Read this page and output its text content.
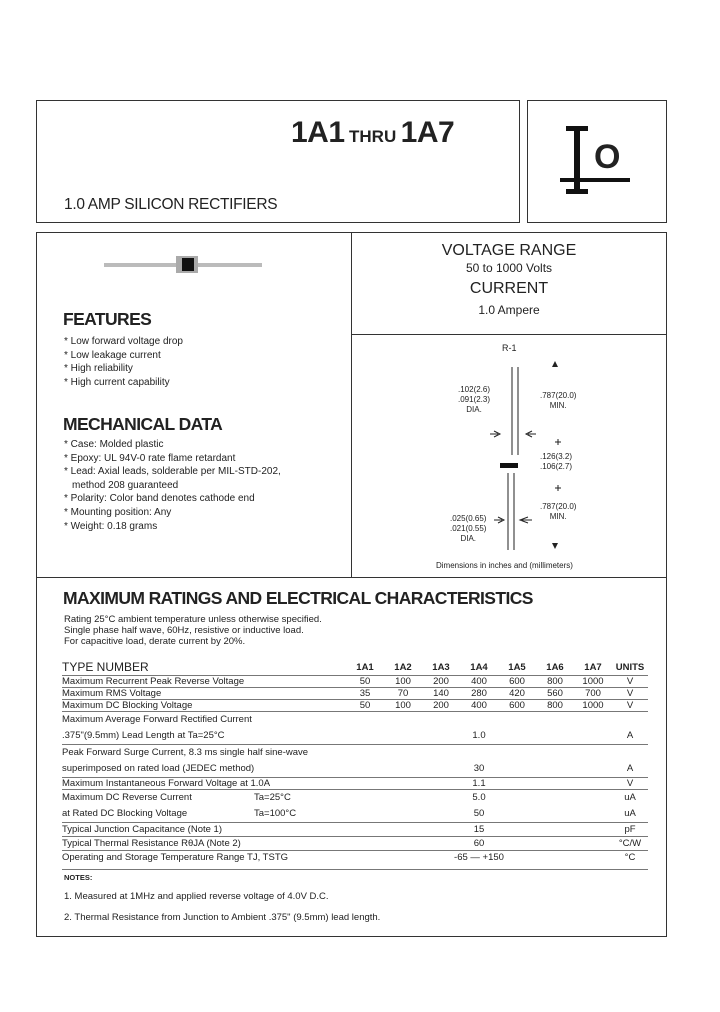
1A1 THRU 1A7
1.0 AMP SILICON RECTIFIERS
O
FEATURES
* Low forward voltage drop
* Low leakage current
* High reliability
* High current capability
MECHANICAL DATA
* Case: Molded plastic
* Epoxy: UL 94V-0 rate flame retardant
* Lead: Axial leads, solderable per MIL-STD-202,
method 208 guaranteed
* Polarity: Color band denotes cathode end
* Mounting position: Any
* Weight: 0.18 grams
VOLTAGE RANGE
50 to 1000 Volts
CURRENT
1.0 Ampere
R-1
.102(2.6)
.091(2.3)
DIA.
.787(20.0)
MIN.
.126(3.2)
.106(2.7)
.787(20.0)
MIN.
.025(0.65)
.021(0.55)
DIA.
Dimensions in inches and (millimeters)
MAXIMUM RATINGS AND ELECTRICAL CHARACTERISTICS
Rating 25°C ambient temperature unless otherwise specified.
Single phase half wave, 60Hz, resistive or inductive load.
For capacitive load, derate current by 20%.
TYPE NUMBER	1A1	1A2	1A3	1A4	1A5	1A6	1A7	UNITS
Maximum Recurrent Peak Reverse Voltage	50	100	200	400	600	800	1000	V
Maximum RMS Voltage	35	70	140	280	420	560	700	V
Maximum DC Blocking Voltage	50	100	200	400	600	800	1000	V
Maximum Average Forward Rectified Current								
.375"(9.5mm) Lead Length at Ta=25°C	1.0							A
Peak Forward Surge Current, 8.3 ms single half sine-wave								
superimposed on rated load (JEDEC method)	30							A
Maximum Instantaneous Forward Voltage at 1.0A	1.1							V
Maximum DC Reverse Current Ta=25°C	5.0							uA
at Rated DC Blocking Voltage Ta=100°C	50							uA
Typical Junction Capacitance (Note 1)	15							pF
Typical Thermal Resistance RθJA (Note 2)	60							°C/W
Operating and Storage Temperature Range TJ, TSTG	-65 — +150							°C
NOTES:
1. Measured at 1MHz and applied reverse voltage of 4.0V D.C.
2. Thermal Resistance from Junction to Ambient .375" (9.5mm) lead length.
